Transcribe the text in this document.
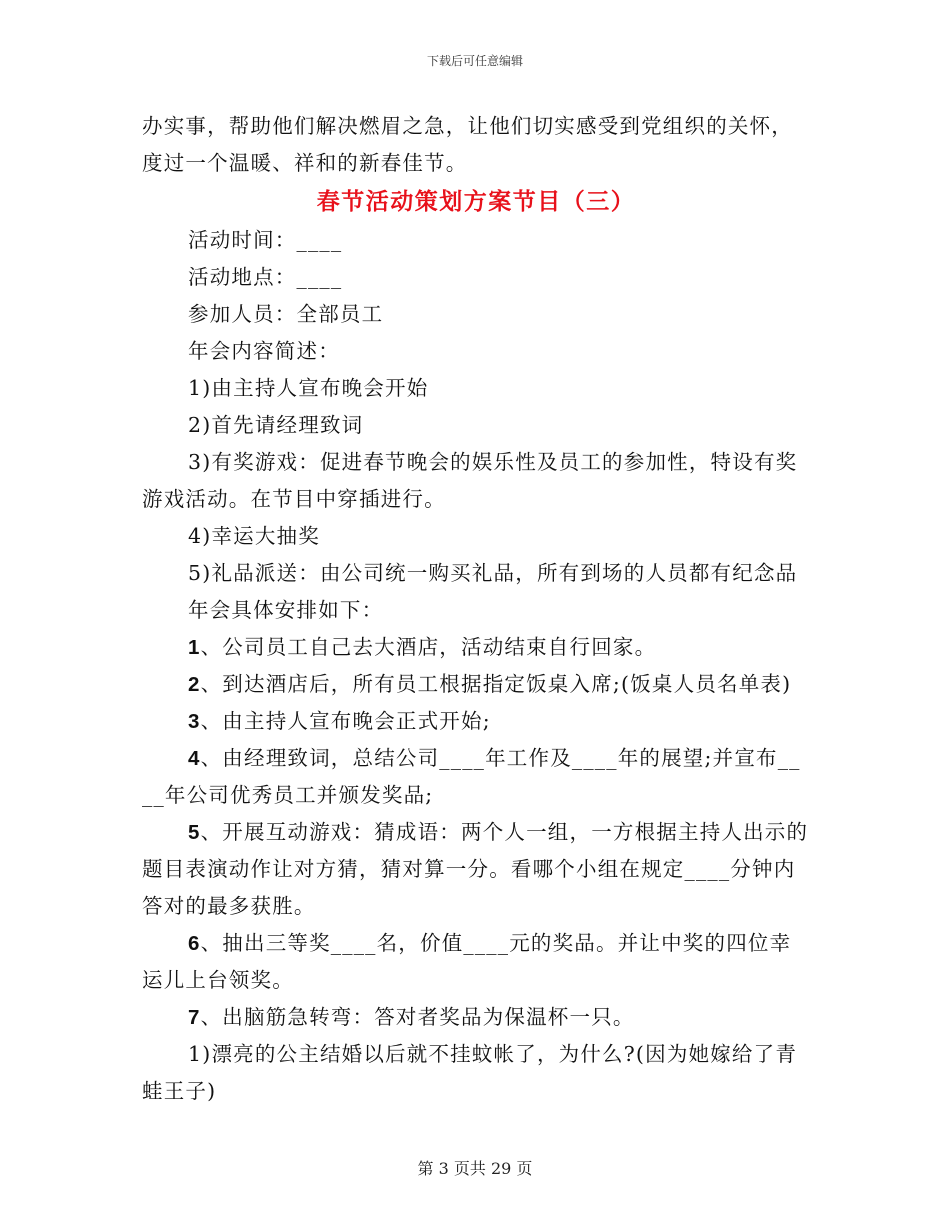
下载后可任意编辑

办实事，帮助他们解决燃眉之急，让他们切实感受到党组织的关怀，

度过一个温暖、祥和的新春佳节。

春节活动策划方案节目（三）

活动时间：____

活动地点：____

参加人员：全部员工

年会内容简述：

1)由主持人宣布晚会开始

2)首先请经理致词

3)有奖游戏：促进春节晚会的娱乐性及员工的参加性，特设有奖游戏活动。在节目中穿插进行。

4)幸运大抽奖

5)礼品派送：由公司统一购买礼品，所有到场的人员都有纪念品

年会具体安排如下：

1、公司员工自己去大酒店，活动结束自行回家。

2、到达酒店后，所有员工根据指定饭桌入席;(饭桌人员名单表)

3、由主持人宣布晚会正式开始;

4、由经理致词，总结公司____年工作及____年的展望;并宣布____年公司优秀员工并颁发奖品;

5、开展互动游戏：猜成语：两个人一组，一方根据主持人出示的题目表演动作让对方猜，猜对算一分。看哪个小组在规定____分钟内答对的最多获胜。

6、抽出三等奖____名，价值____元的奖品。并让中奖的四位幸运儿上台领奖。

7、出脑筋急转弯：答对者奖品为保温杯一只。

1)漂亮的公主结婚以后就不挂蚊帐了，为什么?(因为她嫁给了青蛙王子)

第 3 页共 29 页
